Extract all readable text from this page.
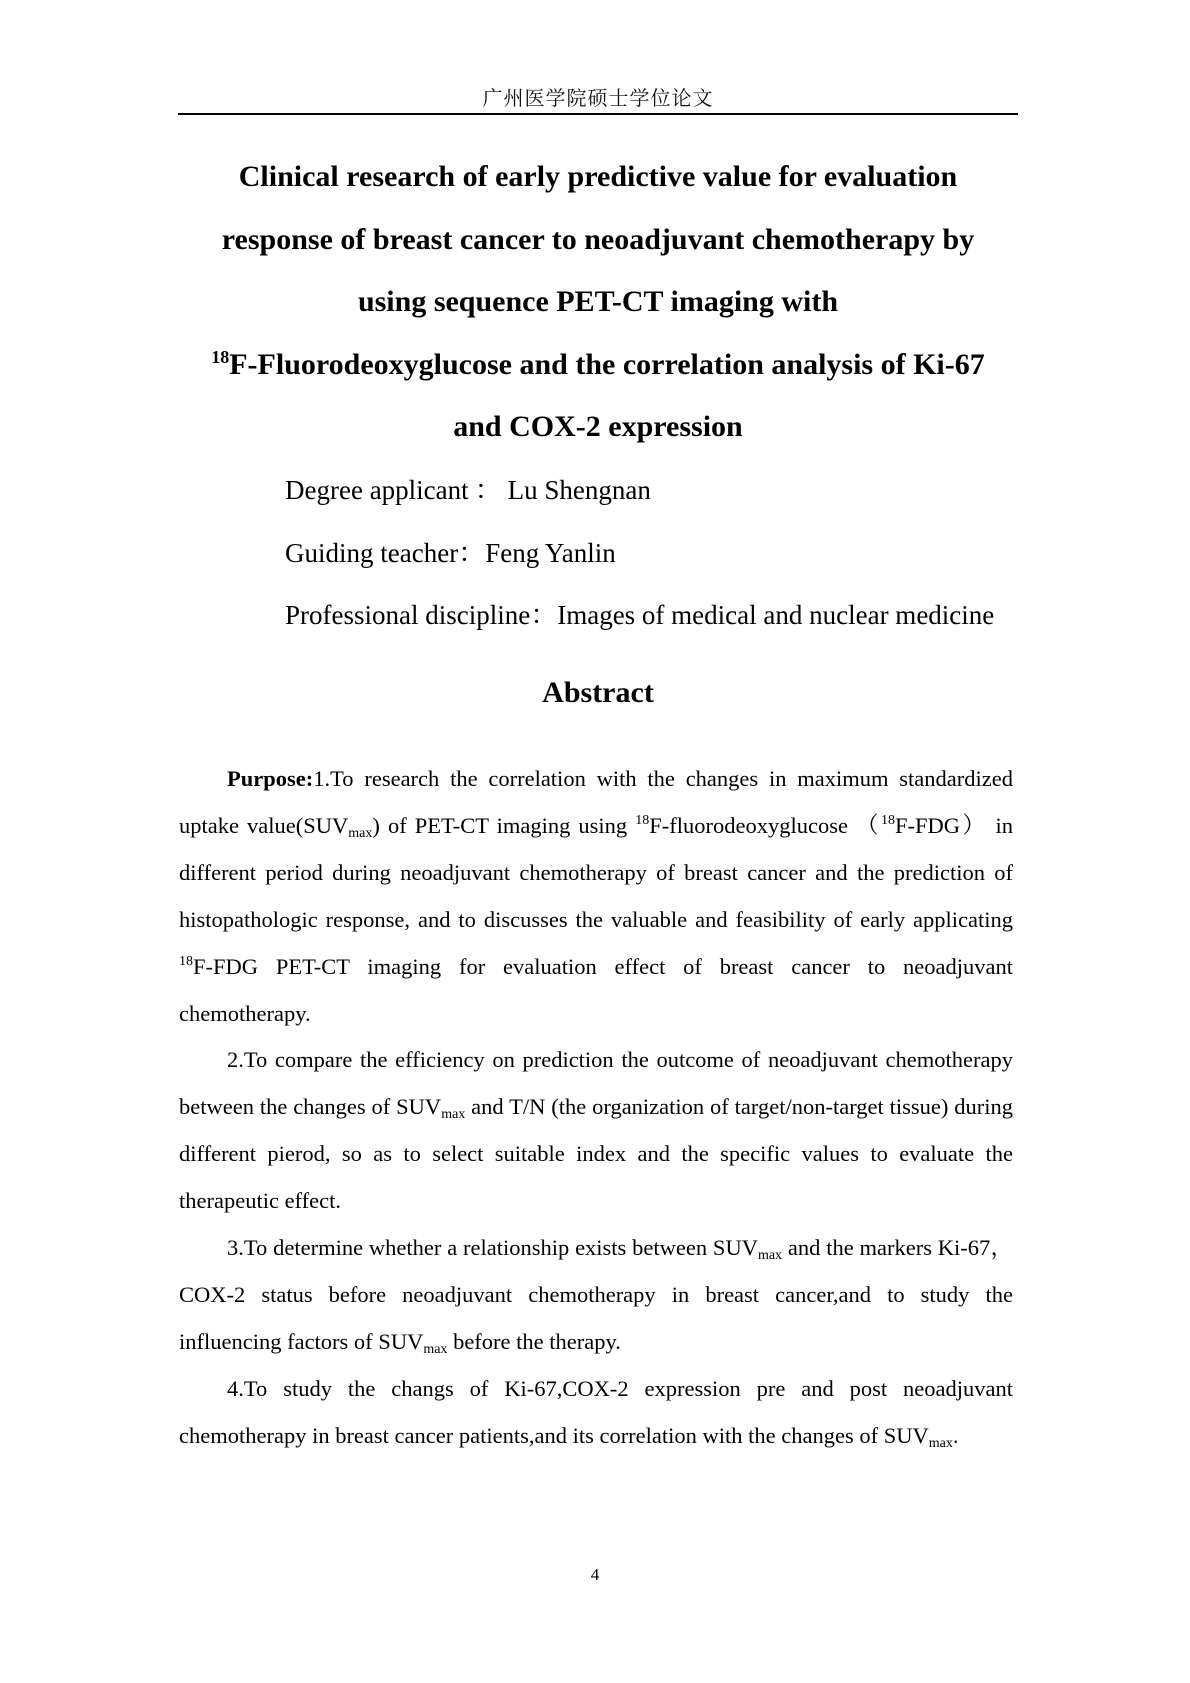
广州医学院硕士学位论文
Clinical research of early predictive value for evaluation
response of breast cancer to neoadjuvant chemotherapy by
using sequence PET-CT imaging with
$^{18}$F-Fluorodeoxyglucose and the correlation analysis of Ki-67
and COX-2 expression
Degree applicant ： Lu Shengnan
Guiding teacher：Feng Yanlin
Professional discipline：Images of medical and nuclear medicine
Abstract

Purpose:1.To research the correlation with the changes in maximum standardized uptake $value(SUV_{max})$ of PET-CT imaging using $^{18}$F-fluorodeoxyglucose （$^{18}$F-FDG） in different period during neoadjuvant chemotherapy of breast cancer and the prediction of histopathologic response, and to discusses the valuable and feasibility of early applicating $^{18}$F-FDG PET-CT imaging for evaluation effect of breast cancer to neoadjuvant chemotherapy.

2.To compare the efficiency on prediction the outcome of neoadjuvant chemotherapy between the changes of $SUV_{max}$ and T/N (the organization of target/non-target tissue) during different pierod, so as to select suitable index and the specific values to evaluate the therapeutic effect.

3.To determine whether a relationship exists between $SUV_{max}$ and the markers Ki-67，COX-2 status before neoadjuvant chemotherapy in breast cancer,and to study the influencing factors of $SUV_{max}$ before the therapy.

4.To study the changs of Ki-67,COX-2 expression pre and post neoadjuvant chemotherapy in breast cancer patients,and its correlation with the changes of $SUV_{max}$.

4
